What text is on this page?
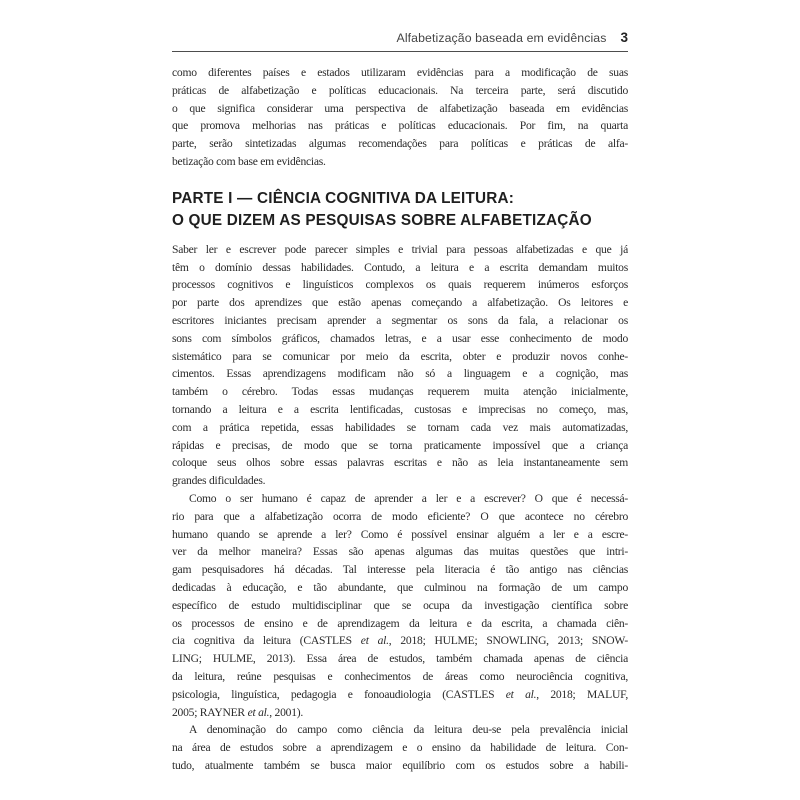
Alfabetização baseada em evidências 3
como diferentes países e estados utilizaram evidências para a modificação de suas
práticas de alfabetização e políticas educacionais. Na terceira parte, será discutido
o que significa considerar uma perspectiva de alfabetização baseada em evidências
que promova melhorias nas práticas e políticas educacionais. Por fim, na quarta
parte, serão sintetizadas algumas recomendações para políticas e práticas de alfa-
betização com base em evidências.
PARTE I — CIÊNCIA COGNITIVA DA LEITURA:
O QUE DIZEM AS PESQUISAS SOBRE ALFABETIZAÇÃO
Saber ler e escrever pode parecer simples e trivial para pessoas alfabetizadas e que já
têm o domínio dessas habilidades. Contudo, a leitura e a escrita demandam muitos
processos cognitivos e linguísticos complexos os quais requerem inúmeros esforços
por parte dos aprendizes que estão apenas começando a alfabetização. Os leitores e
escritores iniciantes precisam aprender a segmentar os sons da fala, a relacionar os
sons com símbolos gráficos, chamados letras, e a usar esse conhecimento de modo
sistemático para se comunicar por meio da escrita, obter e produzir novos conhe-
cimentos. Essas aprendizagens modificam não só a linguagem e a cognição, mas
também o cérebro. Todas essas mudanças requerem muita atenção inicialmente,
tornando a leitura e a escrita lentificadas, custosas e imprecisas no começo, mas,
com a prática repetida, essas habilidades se tornam cada vez mais automatizadas,
rápidas e precisas, de modo que se torna praticamente impossível que a criança
coloque seus olhos sobre essas palavras escritas e não as leia instantaneamente sem
grandes dificuldades.
Como o ser humano é capaz de aprender a ler e a escrever? O que é necessá-
rio para que a alfabetização ocorra de modo eficiente? O que acontece no cérebro
humano quando se aprende a ler? Como é possível ensinar alguém a ler e a escre-
ver da melhor maneira? Essas são apenas algumas das muitas questões que intri-
gam pesquisadores há décadas. Tal interesse pela literacia é tão antigo nas ciências
dedicadas à educação, e tão abundante, que culminou na formação de um campo
específico de estudo multidisciplinar que se ocupa da investigação científica sobre
os processos de ensino e de aprendizagem da leitura e da escrita, a chamada ciên-
cia cognitiva da leitura (CASTLES et al., 2018; HULME; SNOWLING, 2013; SNOW-
LING; HULME, 2013). Essa área de estudos, também chamada apenas de ciência
da leitura, reúne pesquisas e conhecimentos de áreas como neurociência cognitiva,
psicologia, linguística, pedagogia e fonoaudiologia (CASTLES et al., 2018; MALUF,
2005; RAYNER et al., 2001).
A denominação do campo como ciência da leitura deu-se pela prevalência inicial
na área de estudos sobre a aprendizagem e o ensino da habilidade de leitura. Con-
tudo, atualmente também se busca maior equilíbrio com os estudos sobre a habili-
